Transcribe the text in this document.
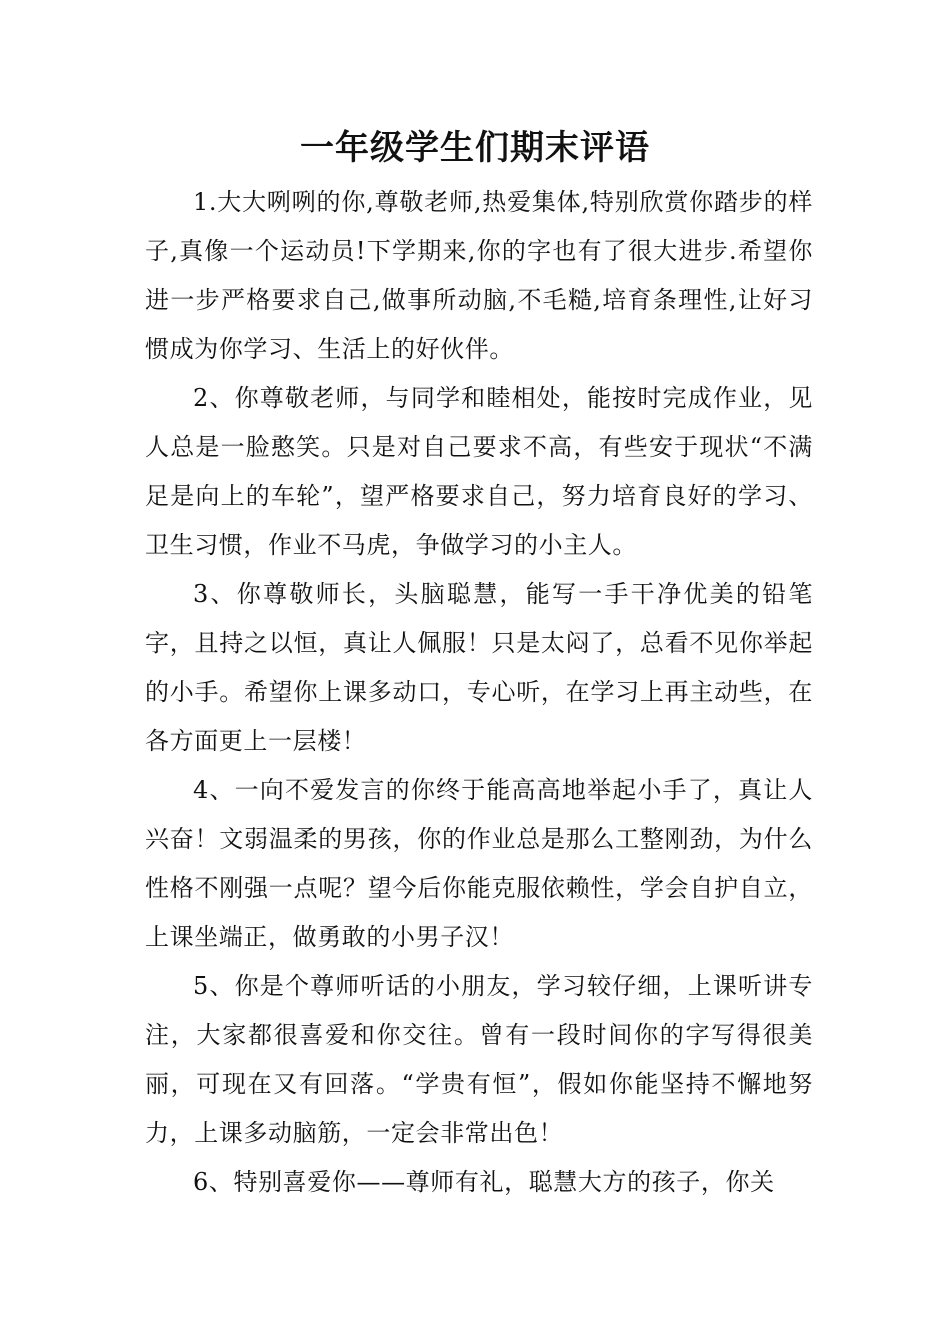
一年级学生们期末评语

1.大大咧咧的你,尊敬老师,热爱集体,特别欣赏你踏步的样子,真像一个运动员!下学期来,你的字也有了很大进步.希望你进一步严格要求自己,做事所动脑,不毛糙,培育条理性,让好习惯成为你学习、生活上的好伙伴。

2、你尊敬老师，与同学和睦相处，能按时完成作业，见人总是一脸憨笑。只是对自己要求不高，有些安于现状“不满足是向上的车轮”，望严格要求自己，努力培育良好的学习、卫生习惯，作业不马虎，争做学习的小主人。

3、你尊敬师长，头脑聪慧，能写一手干净优美的铅笔字，且持之以恒，真让人佩服！只是太闷了，总看不见你举起的小手。希望你上课多动口，专心听，在学习上再主动些，在各方面更上一层楼！

4、一向不爱发言的你终于能高高地举起小手了，真让人兴奋！文弱温柔的男孩，你的作业总是那么工整刚劲，为什么性格不刚强一点呢？望今后你能克服依赖性，学会自护自立，上课坐端正，做勇敢的小男子汉！

5、你是个尊师听话的小朋友，学习较仔细，上课听讲专注，大家都很喜爱和你交往。曾有一段时间你的字写得很美丽，可现在又有回落。“学贵有恒”，假如你能坚持不懈地努力，上课多动脑筋，一定会非常出色！

6、特别喜爱你——尊师有礼，聪慧大方的孩子，你关
